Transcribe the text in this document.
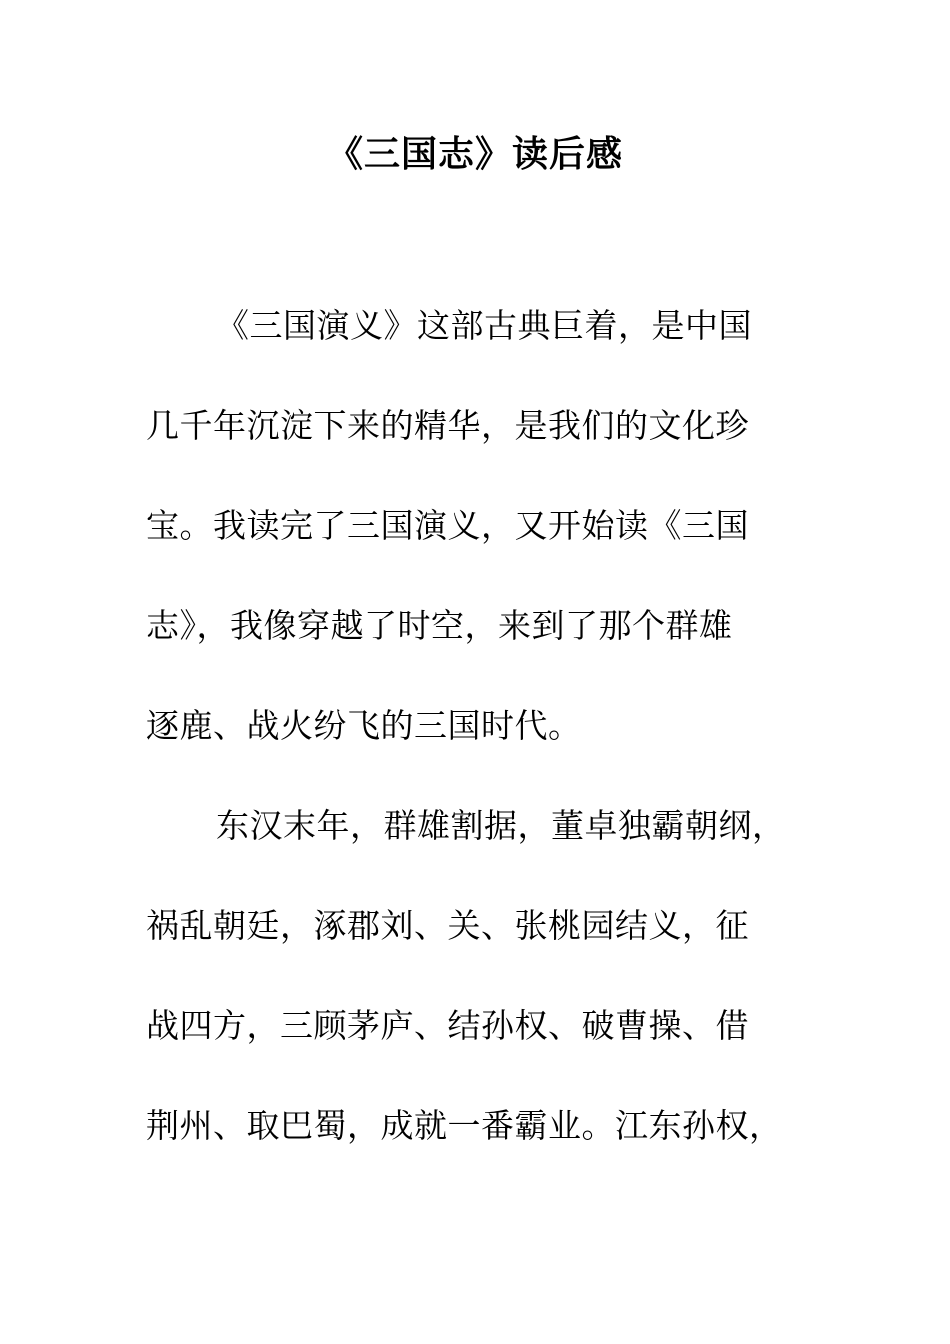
《三国志》读后感
《三国演义》这部古典巨着，是中国
几千年沉淀下来的精华，是我们的文化珍
宝。我读完了三国演义，又开始读《三国
志》，我像穿越了时空，来到了那个群雄
逐鹿、战火纷飞的三国时代。
东汉末年，群雄割据，董卓独霸朝纲，
祸乱朝廷，涿郡刘、关、张桃园结义，征
战四方，三顾茅庐、结孙权、破曹操、借
荆州、取巴蜀，成就一番霸业。江东孙权，
